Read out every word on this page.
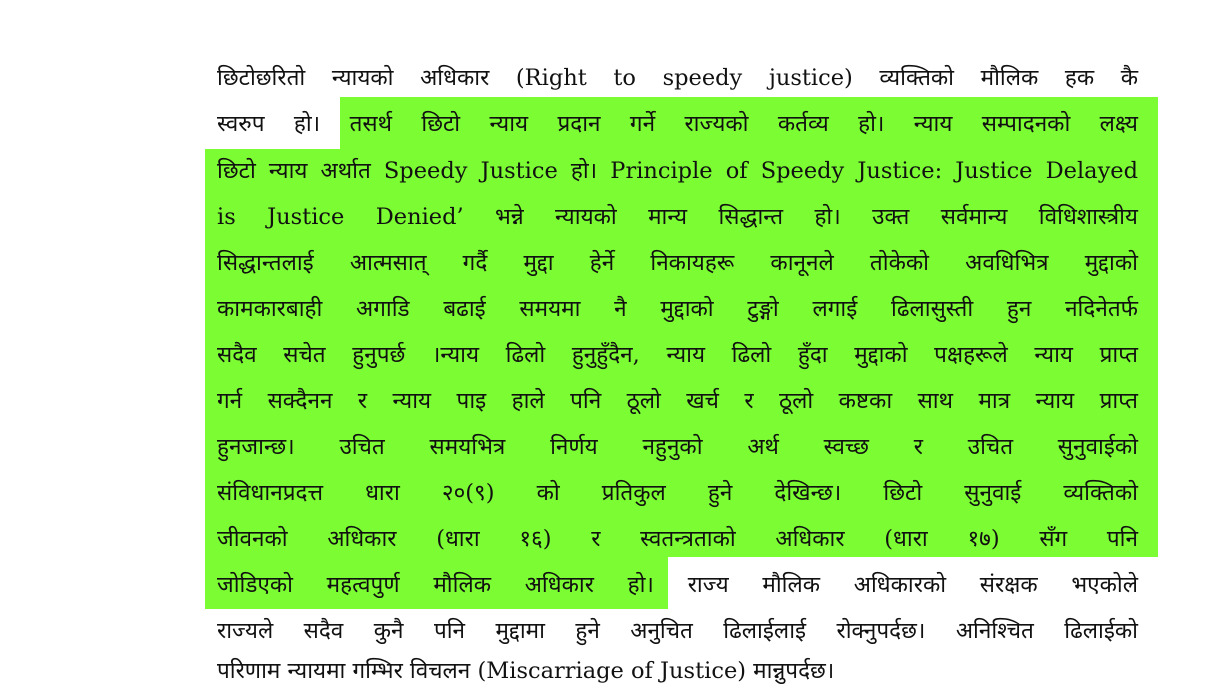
छिटोछरितो न्यायको अधिकार (Right to speedy justice) व्यक्तिको मौलिक हक कै
स्वरुप हो। तसर्थ छिटो न्याय प्रदान गर्ने राज्यको कर्तव्य हो। न्याय सम्पादनको लक्ष्य
छिटो न्याय अर्थात Speedy Justice हो। Principle of Speedy Justice: Justice Delayed
is Justice Denied’ भन्ने न्यायको मान्य सिद्धान्त हो। उक्त सर्वमान्य विधिशास्त्रीय
सिद्धान्तलाई आत्मसात् गर्दै मुद्दा हेर्ने निकायहरू कानूनले तोकेको अवधिभित्र मुद्दाको
कामकारबाही अगाडि बढाई समयमा नै मुद्दाको टुङ्गो लगाई ढिलासुस्ती हुन नदिनेतर्फ
सदैव सचेत हुनुपर्छ ।न्याय ढिलो हुनुहुँदैन, न्याय ढिलो हुँदा मुद्दाको पक्षहरूले न्याय प्राप्त
गर्न सक्दैनन र न्याय पाइ हाले पनि ठूलो खर्च र ठूलो कष्टका साथ मात्र न्याय प्राप्त
हुनजान्छ। उचित समयभित्र निर्णय नहुनुको अर्थ स्वच्छ र उचित सुनुवाईको
संविधानप्रदत्त धारा २०(९) को प्रतिकुल हुने देखिन्छ। छिटो सुनुवाई व्यक्तिको
जीवनको अधिकार (धारा १६) र स्वतन्त्रताको अधिकार (धारा १७) सँग पनि
जोडिएको महत्वपुर्ण मौलिक अधिकार हो। राज्य मौलिक अधिकारको संरक्षक भएकोले
राज्यले सदैव कुनै पनि मुद्दामा हुने अनुचित ढिलाईलाई रोक्नुपर्दछ। अनिश्चित ढिलाईको
परिणाम न्यायमा गम्भिर विचलन (Miscarriage of Justice) मान्नुपर्दछ।
